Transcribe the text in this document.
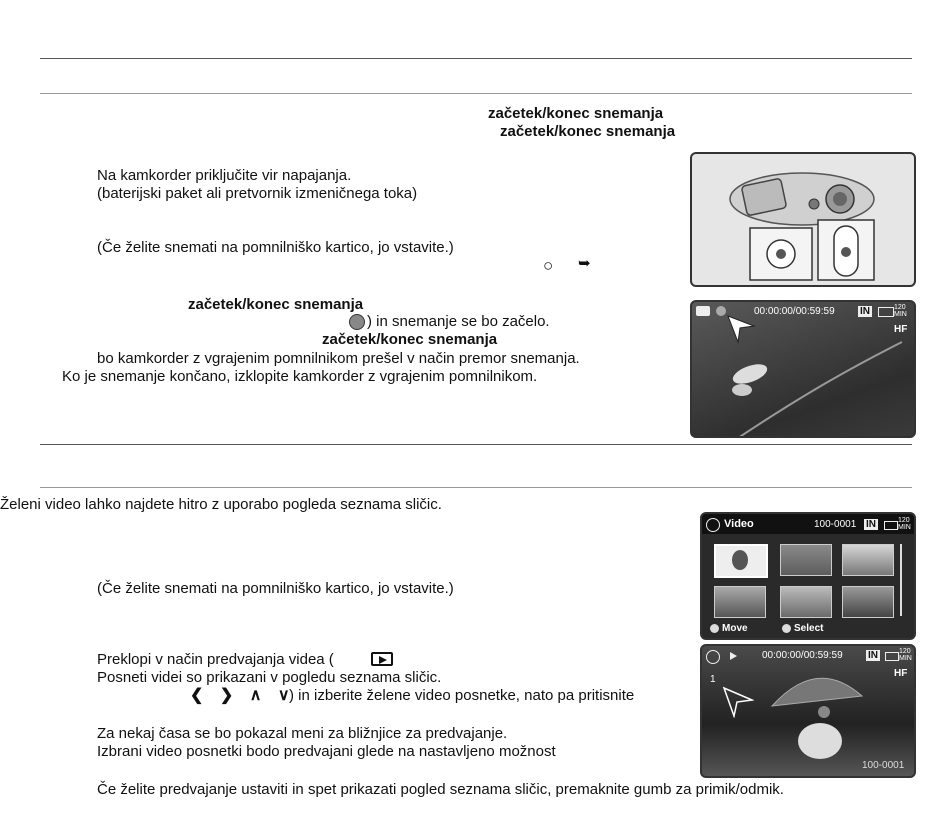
začetek/konec snemanja
začetek/konec snemanja
Na kamkorder priključite vir napajanja.
(baterijski paket ali pretvornik izmeničnega toka)
(Če želite snemati na pomnilniško kartico, jo vstavite.)
○ ➥
začetek/konec snemanja
) in snemanje se bo začelo.
začetek/konec snemanja
bo kamkorder z vgrajenim pomnilnikom prešel v način premor snemanja.
Ko je snemanje končano, izklopite kamkorder z vgrajenim pomnilnikom.
00:00:00/00:59:59	IN	120 MIN
HF
Želeni video lahko najdete hitro z uporabo pogleda seznama sličic.
(Če želite snemati na pomnilniško kartico, jo vstavite.)
Preklopi v način predvajanja videa (
Posneti videi so prikazani v pogledu seznama sličic.
❮ ❯ ∧ ∨
) in izberite želene video posnetke, nato pa pritisnite
Za nekaj časa se bo pokazal meni za bližnjice za predvajanje.
Izbrani video posnetki bodo predvajani glede na nastavljeno možnost
Če želite predvajanje ustaviti in spet prikazati pogled seznama sličic, premaknite gumb za primik/odmik.
Video	100-0001 IN	120 MIN
Move	Select
00:00:00/00:59:59	IN	120 MIN
HF
1
100-0001
